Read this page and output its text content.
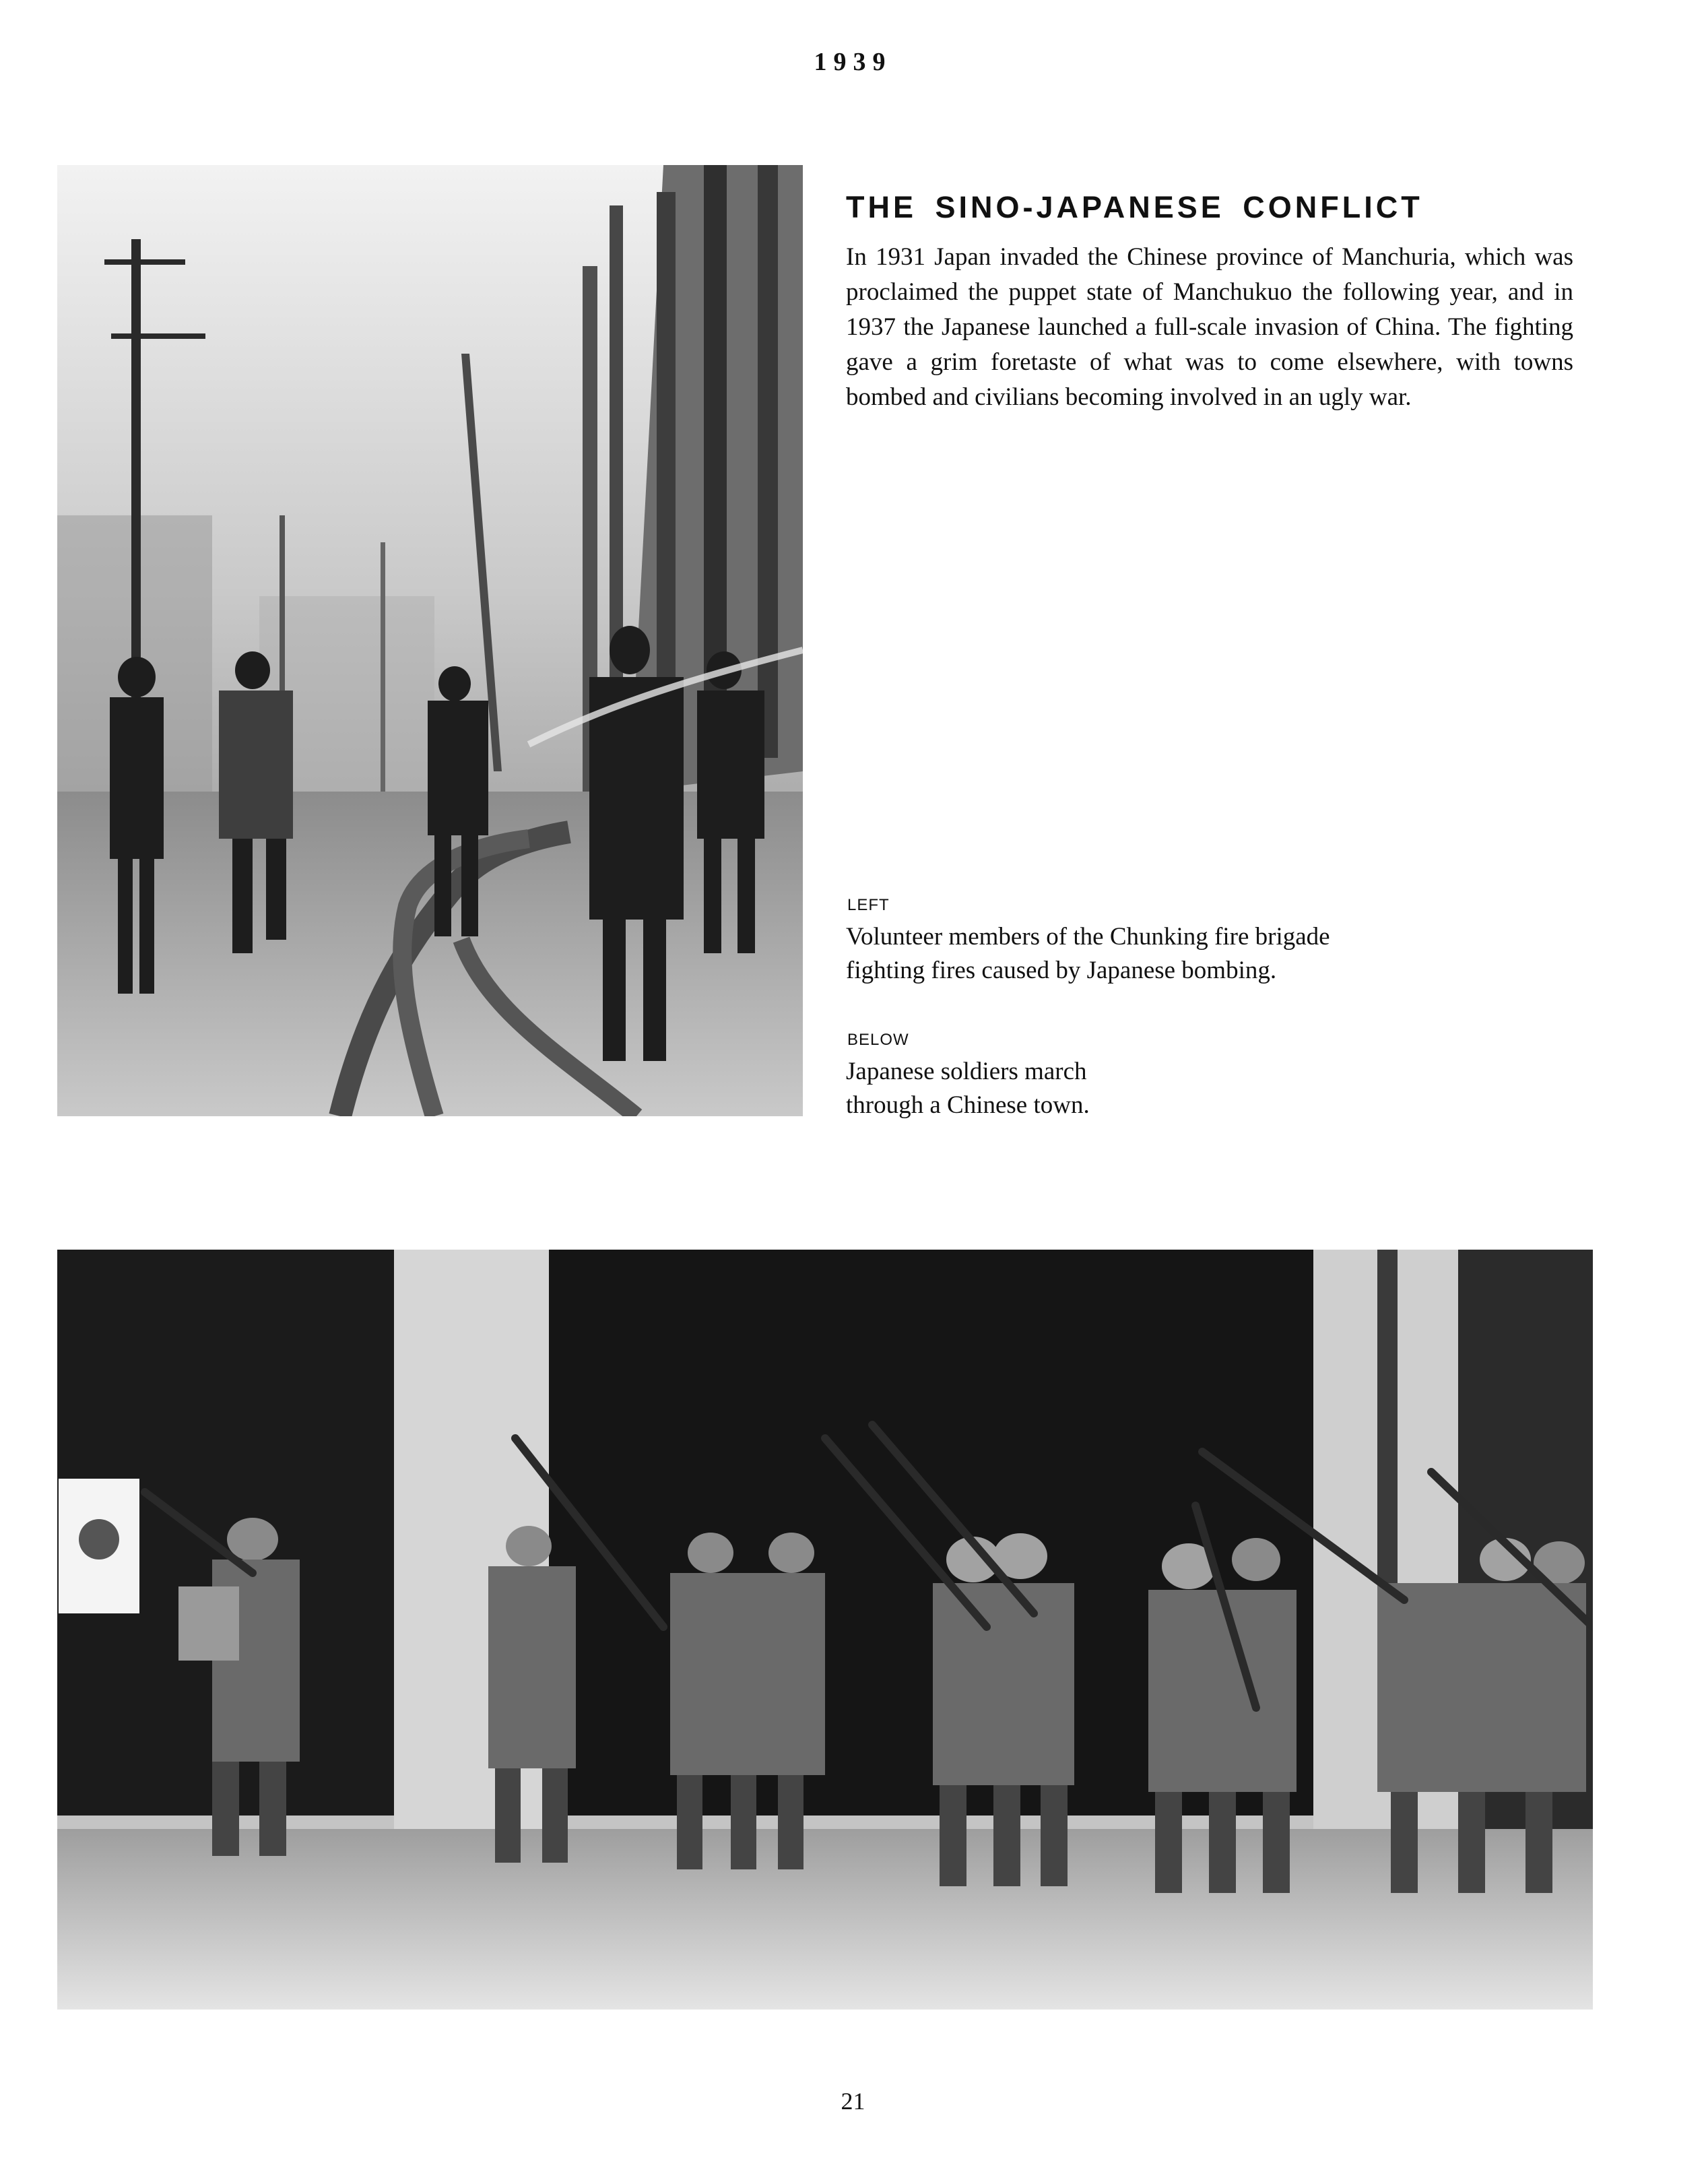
1939
THE SINO-JAPANESE CONFLICT

In 1931 Japan invaded the Chinese province of Manchuria, which was proclaimed the puppet state of Manchukuo the following year, and in 1937 the Japanese launched a full-scale invasion of China. The fighting gave a grim foretaste of what was to come elsewhere, with towns bombed and civilians becoming involved in an ugly war.

LEFT
Volunteer members of the Chunking fire brigade fighting fires caused by Japanese bombing.
BELOW
Japanese soldiers march through a Chinese town.
21
